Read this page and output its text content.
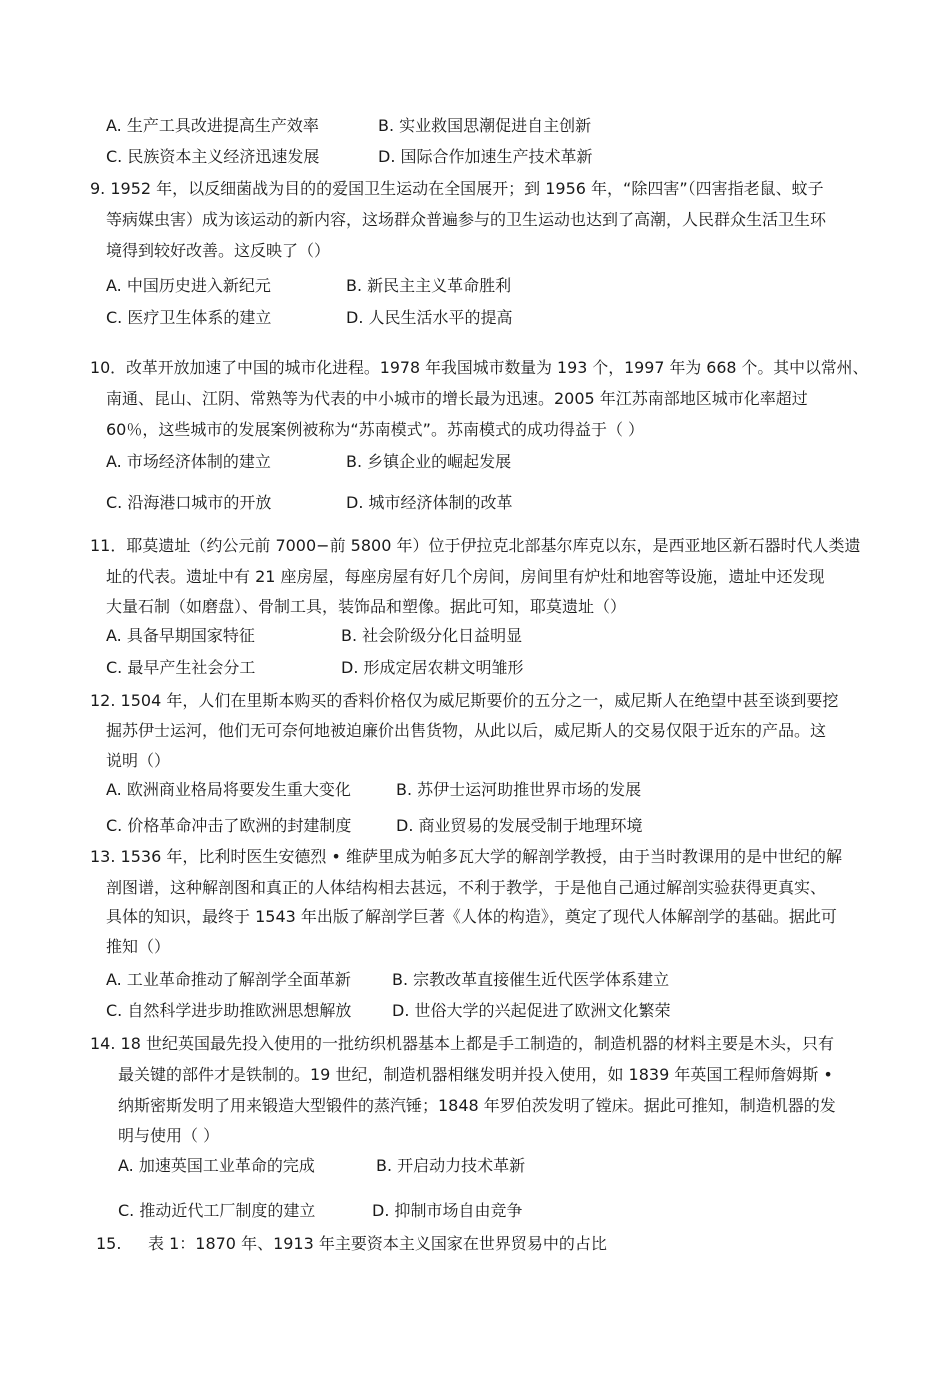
A. 生产工具改进提高生产效率	B. 实业救国思潮促进自主创新
C. 民族资本主义经济迅速发展	D. 国际合作加速生产技术革新
9. 1952 年，以反细菌战为目的的爱国卫生运动在全国展开；到 1956 年，“除四害”（四害指老鼠、蚊子
等病媒虫害）成为该运动的新内容，这场群众普遍参与的卫生运动也达到了高潮，人民群众生活卫生环
境得到较好改善。这反映了（）
A. 中国历史进入新纪元	B. 新民主主义革命胜利
C. 医疗卫生体系的建立	D. 人民生活水平的提高
10．改革开放加速了中国的城市化进程。1978 年我国城市数量为 193 个，1997 年为 668 个。其中以常州、
南通、昆山、江阴、常熟等为代表的中小城市的增长最为迅速。2005 年江苏南部地区城市化率超过
60％，这些城市的发展案例被称为“苏南模式”。苏南模式的成功得益于（ ）
A. 市场经济体制的建立	B. 乡镇企业的崛起发展
C. 沿海港口城市的开放	D. 城市经济体制的改革
11．耶莫遗址（约公元前 7000−前 5800 年）位于伊拉克北部基尔库克以东，是西亚地区新石器时代人类遗
址的代表。遗址中有 21 座房屋，每座房屋有好几个房间，房间里有炉灶和地窖等设施，遗址中还发现
大量石制（如磨盘）、骨制工具，装饰品和塑像。据此可知，耶莫遗址（）
A. 具备早期国家特征	B. 社会阶级分化日益明显
C. 最早产生社会分工	D. 形成定居农耕文明雏形
12. 1504 年，人们在里斯本购买的香料价格仅为威尼斯要价的五分之一，威尼斯人在绝望中甚至谈到要挖
掘苏伊士运河，他们无可奈何地被迫廉价出售货物，从此以后，威尼斯人的交易仅限于近东的产品。这
说明（）
A. 欧洲商业格局将要发生重大变化	B. 苏伊士运河助推世界市场的发展
C. 价格革命冲击了欧洲的封建制度	D. 商业贸易的发展受制于地理环境
13. 1536 年，比利时医生安德烈 • 维萨里成为帕多瓦大学的解剖学教授，由于当时教课用的是中世纪的解
剖图谱，这种解剖图和真正的人体结构相去甚远，不利于教学，于是他自己通过解剖实验获得更真实、
具体的知识，最终于 1543 年出版了解剖学巨著《人体的构造》，奠定了现代人体解剖学的基础。据此可
推知（）
A. 工业革命推动了解剖学全面革新	B. 宗教改革直接催生近代医学体系建立
C. 自然科学进步助推欧洲思想解放	D. 世俗大学的兴起促进了欧洲文化繁荣
14. 18 世纪英国最先投入使用的一批纺织机器基本上都是手工制造的，制造机器的材料主要是木头，只有
最关键的部件才是铁制的。19 世纪，制造机器相继发明并投入使用，如 1839 年英国工程师詹姆斯 •
纳斯密斯发明了用来锻造大型锻件的蒸汽锤；1848 年罗伯茨发明了镗床。据此可推知，制造机器的发
明与使用（ ）
A. 加速英国工业革命的完成	B. 开启动力技术革新
C. 推动近代工厂制度的建立	D. 抑制市场自由竞争
15. 表 1：1870 年、1913 年主要资本主义国家在世界贸易中的占比
